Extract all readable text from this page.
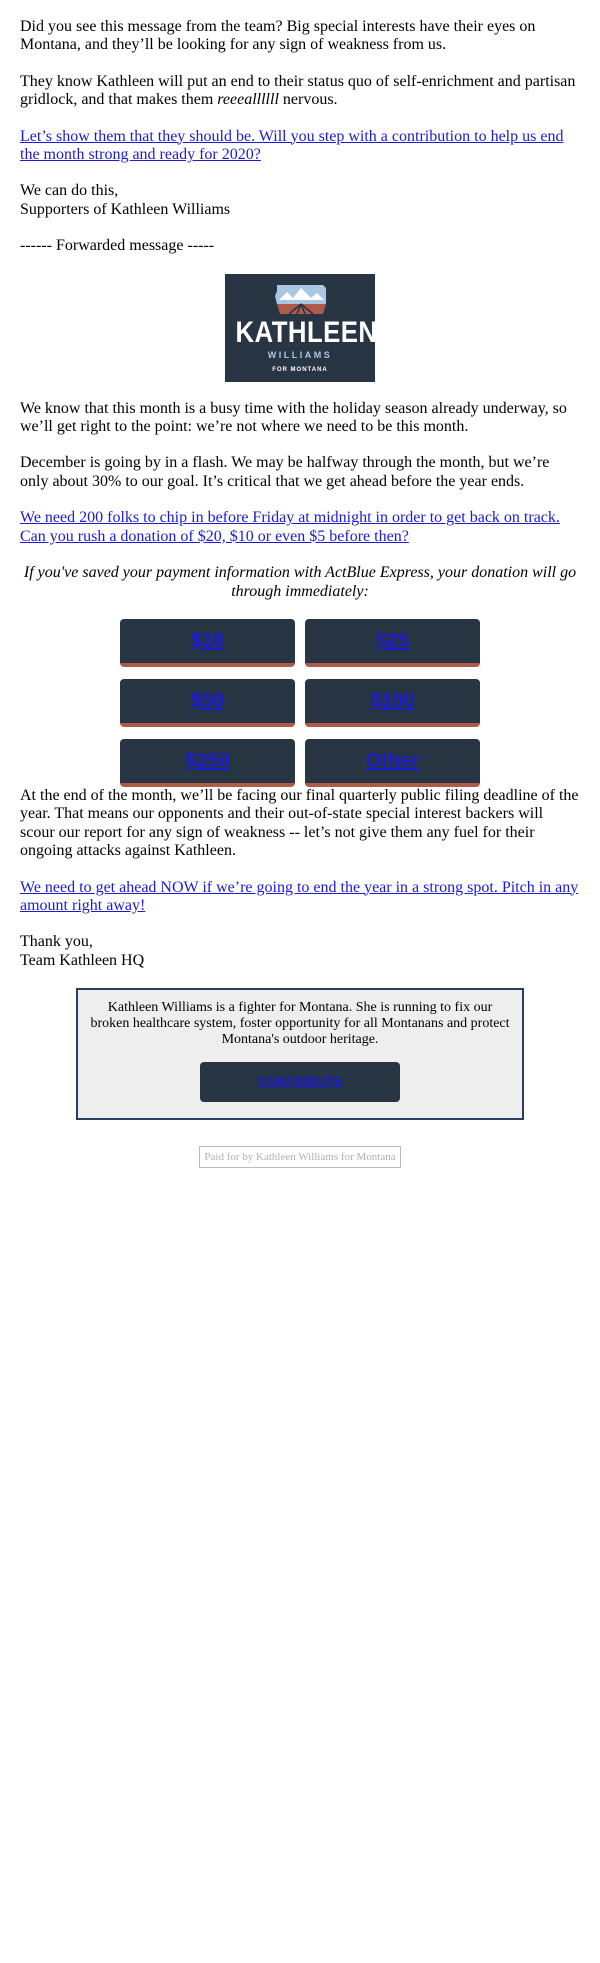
Did you see this message from the team? Big special interests have their eyes on Montana, and they’ll be looking for any sign of weakness from us.

They know Kathleen will put an end to their status quo of self-enrichment and partisan gridlock, and that makes them reeeallllll nervous.

Let’s show them that they should be. Will you step with a contribution to help us end the month strong and ready for 2020?

We can do this,
Supporters of Kathleen Williams

------ Forwarded message -----

KATHLEEN
WILLIAMS
FOR MONTANA

We know that this month is a busy time with the holiday season already underway, so we’ll get right to the point: we’re not where we need to be this month.

December is going by in a flash. We may be halfway through the month, but we’re only about 30% to our goal. It’s critical that we get ahead before the year ends.

We need 200 folks to chip in before Friday at midnight in order to get back on track. Can you rush a donation of $20, $10 or even $5 before then?

If you've saved your payment information with ActBlue Express, your donation will go through immediately:

$10	$25
$50	$100
$250	Other

At the end of the month, we’ll be facing our final quarterly public filing deadline of the year. That means our opponents and their out-of-state special interest backers will scour our report for any sign of weakness -- let’s not give them any fuel for their ongoing attacks against Kathleen.

We need to get ahead NOW if we’re going to end the year in a strong spot. Pitch in any amount right away!

Thank you,
Team Kathleen HQ

Kathleen Williams is a fighter for Montana. She is running to fix our broken healthcare system, foster opportunity for all Montanans and protect Montana's outdoor heritage.

CONTRIBUTE
Paid for by Kathleen Williams for Montana
